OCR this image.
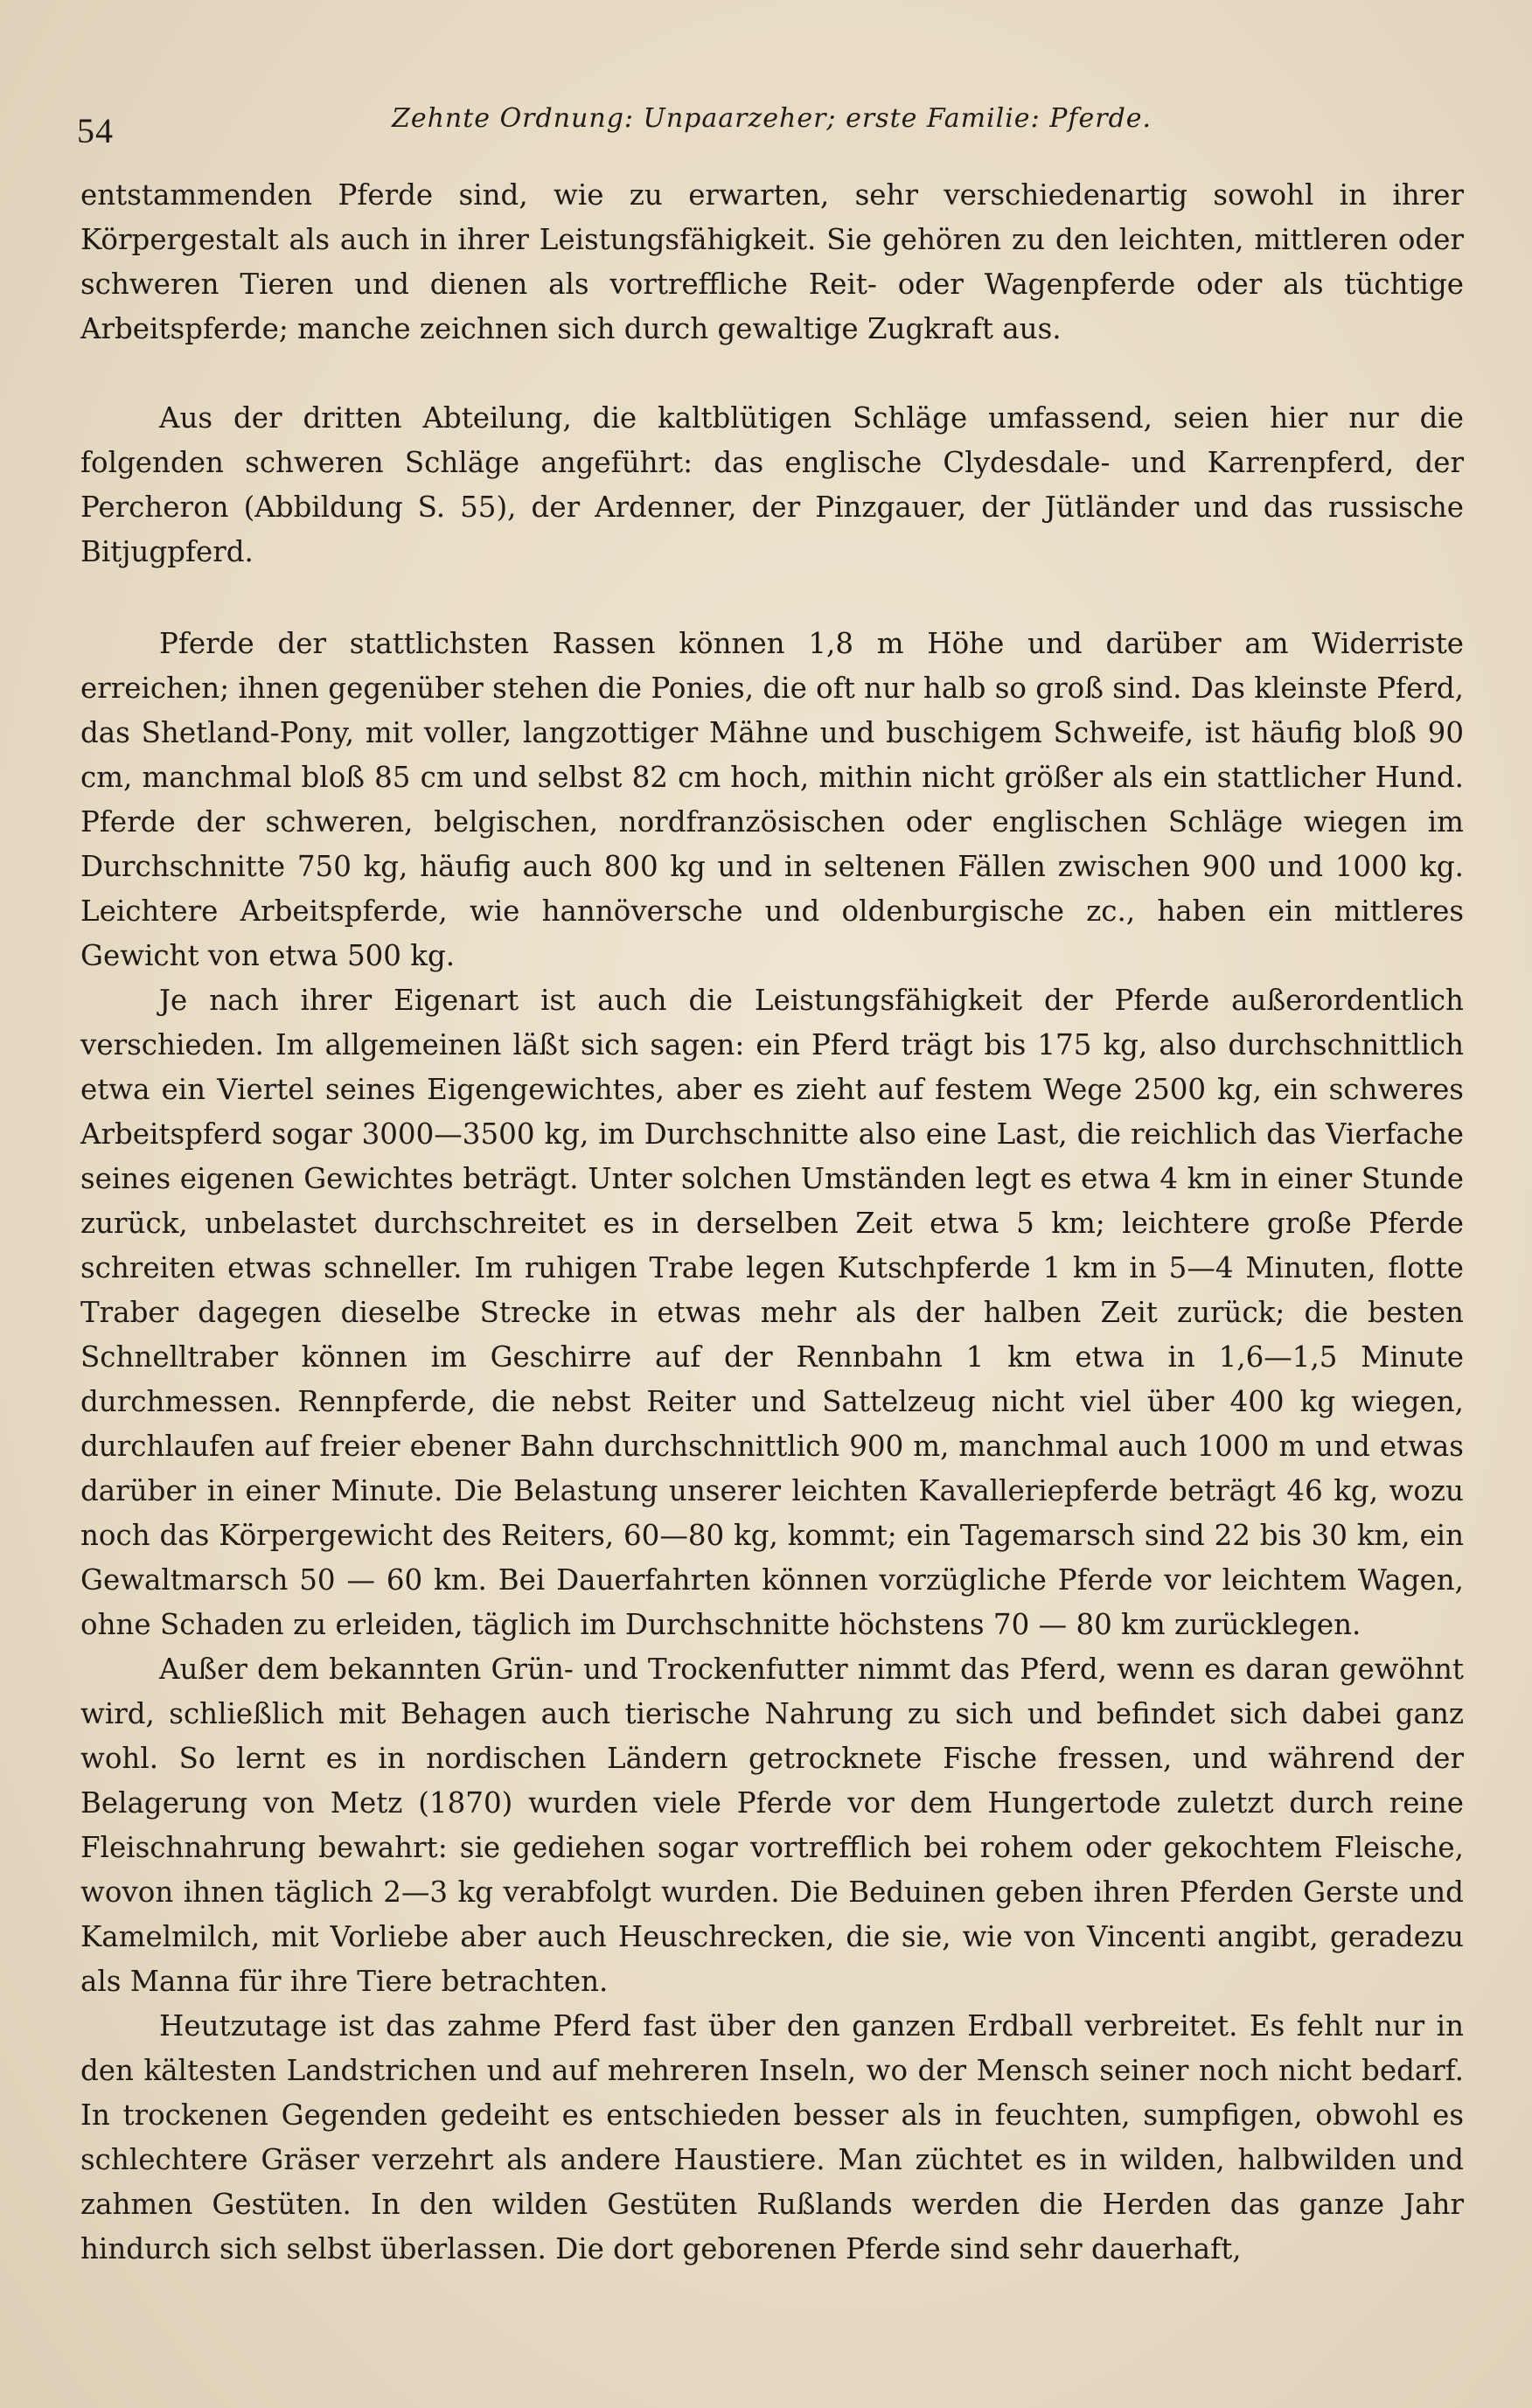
54	Zehnte Ordnung: Unpaarzeher; erste Familie: Pferde.

entstammenden Pferde sind, wie zu erwarten, sehr verschiedenartig sowohl in ihrer Körpergestalt als auch in ihrer Leistungsfähigkeit. Sie gehören zu den leichten, mittleren oder schweren Tieren und dienen als vortreffliche Reit- oder Wagenpferde oder als tüchtige Arbeitspferde; manche zeichnen sich durch gewaltige Zugkraft aus.

Aus der dritten Abteilung, die kaltblütigen Schläge umfassend, seien hier nur die folgenden schweren Schläge angeführt: das englische Clydesdale- und Karrenpferd, der Percheron (Abbildung S. 55), der Ardenner, der Pinzgauer, der Jütländer und das russische Bitjugpferd.

Pferde der stattlichsten Rassen können 1,8 m Höhe und darüber am Widerriste erreichen; ihnen gegenüber stehen die Ponies, die oft nur halb so groß sind. Das kleinste Pferd, das Shetland-Pony, mit voller, langzottiger Mähne und buschigem Schweife, ist häufig bloß 90 cm, manchmal bloß 85 cm und selbst 82 cm hoch, mithin nicht größer als ein stattlicher Hund. Pferde der schweren, belgischen, nordfranzösischen oder englischen Schläge wiegen im Durchschnitte 750 kg, häufig auch 800 kg und in seltenen Fällen zwischen 900 und 1000 kg. Leichtere Arbeitspferde, wie hannöversche und oldenburgische zc., haben ein mittleres Gewicht von etwa 500 kg.

Je nach ihrer Eigenart ist auch die Leistungsfähigkeit der Pferde außerordentlich verschieden. Im allgemeinen läßt sich sagen: ein Pferd trägt bis 175 kg, also durchschnittlich etwa ein Viertel seines Eigengewichtes, aber es zieht auf festem Wege 2500 kg, ein schweres Arbeitspferd sogar 3000—3500 kg, im Durchschnitte also eine Last, die reichlich das Vierfache seines eigenen Gewichtes beträgt. Unter solchen Umständen legt es etwa 4 km in einer Stunde zurück, unbelastet durchschreitet es in derselben Zeit etwa 5 km; leichtere große Pferde schreiten etwas schneller. Im ruhigen Trabe legen Kutschpferde 1 km in 5—4 Minuten, flotte Traber dagegen dieselbe Strecke in etwas mehr als der halben Zeit zurück; die besten Schnelltraber können im Geschirre auf der Rennbahn 1 km etwa in 1,6—1,5 Minute durchmessen. Rennpferde, die nebst Reiter und Sattelzeug nicht viel über 400 kg wiegen, durchlaufen auf freier ebener Bahn durchschnittlich 900 m, manchmal auch 1000 m und etwas darüber in einer Minute. Die Belastung unserer leichten Kavalleriepferde beträgt 46 kg, wozu noch das Körpergewicht des Reiters, 60—80 kg, kommt; ein Tagemarsch sind 22 bis 30 km, ein Gewaltmarsch 50 — 60 km. Bei Dauerfahrten können vorzügliche Pferde vor leichtem Wagen, ohne Schaden zu erleiden, täglich im Durchschnitte höchstens 70 — 80 km zurücklegen.

Außer dem bekannten Grün- und Trockenfutter nimmt das Pferd, wenn es daran gewöhnt wird, schließlich mit Behagen auch tierische Nahrung zu sich und befindet sich dabei ganz wohl. So lernt es in nordischen Ländern getrocknete Fische fressen, und während der Belagerung von Metz (1870) wurden viele Pferde vor dem Hungertode zuletzt durch reine Fleischnahrung bewahrt: sie gediehen sogar vortrefflich bei rohem oder gekochtem Fleische, wovon ihnen täglich 2—3 kg verabfolgt wurden. Die Beduinen geben ihren Pferden Gerste und Kamelmilch, mit Vorliebe aber auch Heuschrecken, die sie, wie von Vincenti angibt, geradezu als Manna für ihre Tiere betrachten.

Heutzutage ist das zahme Pferd fast über den ganzen Erdball verbreitet. Es fehlt nur in den kältesten Landstrichen und auf mehreren Inseln, wo der Mensch seiner noch nicht bedarf. In trockenen Gegenden gedeiht es entschieden besser als in feuchten, sumpfigen, obwohl es schlechtere Gräser verzehrt als andere Haustiere. Man züchtet es in wilden, halbwilden und zahmen Gestüten. In den wilden Gestüten Rußlands werden die Herden das ganze Jahr hindurch sich selbst überlassen. Die dort geborenen Pferde sind sehr dauerhaft,
